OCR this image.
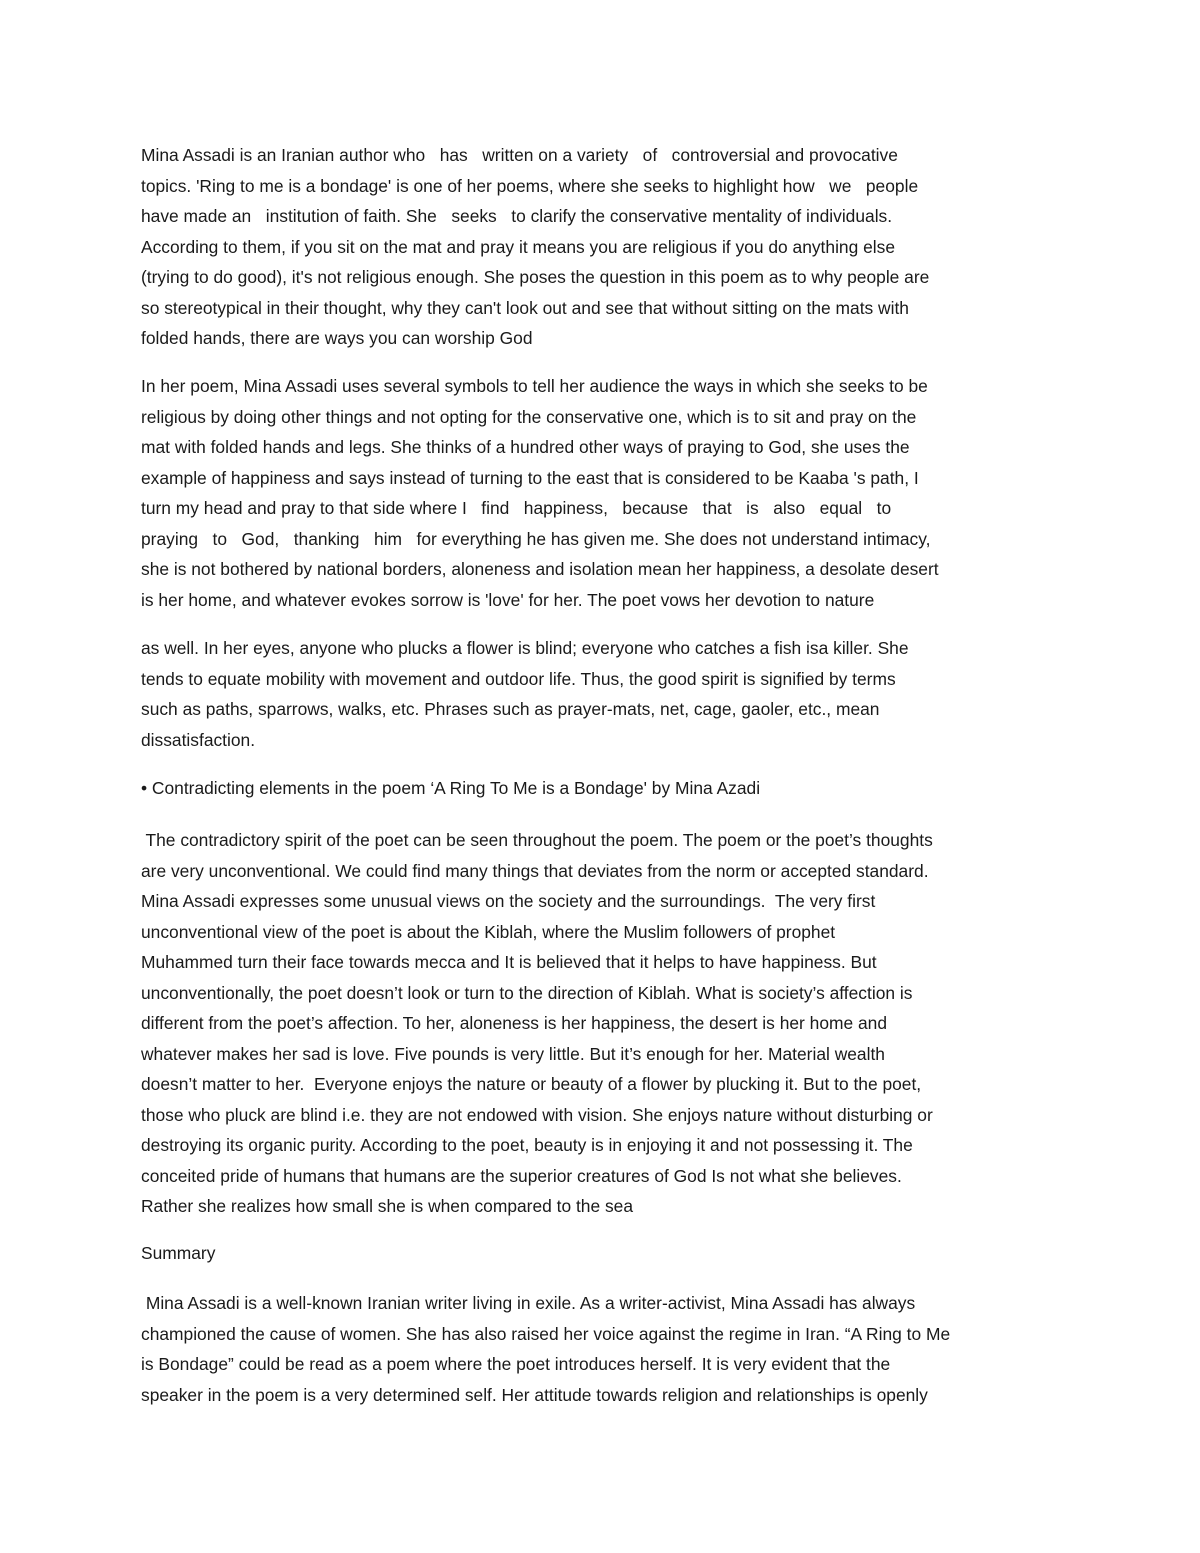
Mina Assadi is an Iranian author who   has   written on a variety   of   controversial and provocative
topics. 'Ring to me is a bondage' is one of her poems, where she seeks to highlight how   we   people
have made an   institution of faith. She   seeks   to clarify the conservative mentality of individuals.
According to them, if you sit on the mat and pray it means you are religious if you do anything else
(trying to do good), it's not religious enough. She poses the question in this poem as to why people are
so stereotypical in their thought, why they can't look out and see that without sitting on the mats with
folded hands, there are ways you can worship God
In her poem, Mina Assadi uses several symbols to tell her audience the ways in which she seeks to be
religious by doing other things and not opting for the conservative one, which is to sit and pray on the
mat with folded hands and legs. She thinks of a hundred other ways of praying to God, she uses the
example of happiness and says instead of turning to the east that is considered to be Kaaba 's path, I
turn my head and pray to that side where I   find   happiness,   because   that   is   also   equal   to
praying   to   God,   thanking   him   for everything he has given me. She does not understand intimacy,
she is not bothered by national borders, aloneness and isolation mean her happiness, a desolate desert
is her home, and whatever evokes sorrow is 'love' for her. The poet vows her devotion to nature
as well. In her eyes, anyone who plucks a flower is blind; everyone who catches a fish isa killer. She
tends to equate mobility with movement and outdoor life. Thus, the good spirit is signified by terms
such as paths, sparrows, walks, etc. Phrases such as prayer-mats, net, cage, gaoler, etc., mean
dissatisfaction.
• Contradicting elements in the poem ‘A Ring To Me is a Bondage' by Mina Azadi
The contradictory spirit of the poet can be seen throughout the poem. The poem or the poet’s thoughts
are very unconventional. We could find many things that deviates from the norm or accepted standard.
Mina Assadi expresses some unusual views on the society and the surroundings.  The very first
unconventional view of the poet is about the Kiblah, where the Muslim followers of prophet
Muhammed turn their face towards mecca and It is believed that it helps to have happiness. But
unconventionally, the poet doesn’t look or turn to the direction of Kiblah. What is society’s affection is
different from the poet’s affection. To her, aloneness is her happiness, the desert is her home and
whatever makes her sad is love. Five pounds is very little. But it’s enough for her. Material wealth
doesn’t matter to her.  Everyone enjoys the nature or beauty of a flower by plucking it. But to the poet,
those who pluck are blind i.e. they are not endowed with vision. She enjoys nature without disturbing or
destroying its organic purity. According to the poet, beauty is in enjoying it and not possessing it. The
conceited pride of humans that humans are the superior creatures of God Is not what she believes.
Rather she realizes how small she is when compared to the sea
Summary
Mina Assadi is a well-known Iranian writer living in exile. As a writer-activist, Mina Assadi has always
championed the cause of women. She has also raised her voice against the regime in Iran. “A Ring to Me
is Bondage” could be read as a poem where the poet introduces herself. It is very evident that the
speaker in the poem is a very determined self. Her attitude towards religion and relationships is openly
